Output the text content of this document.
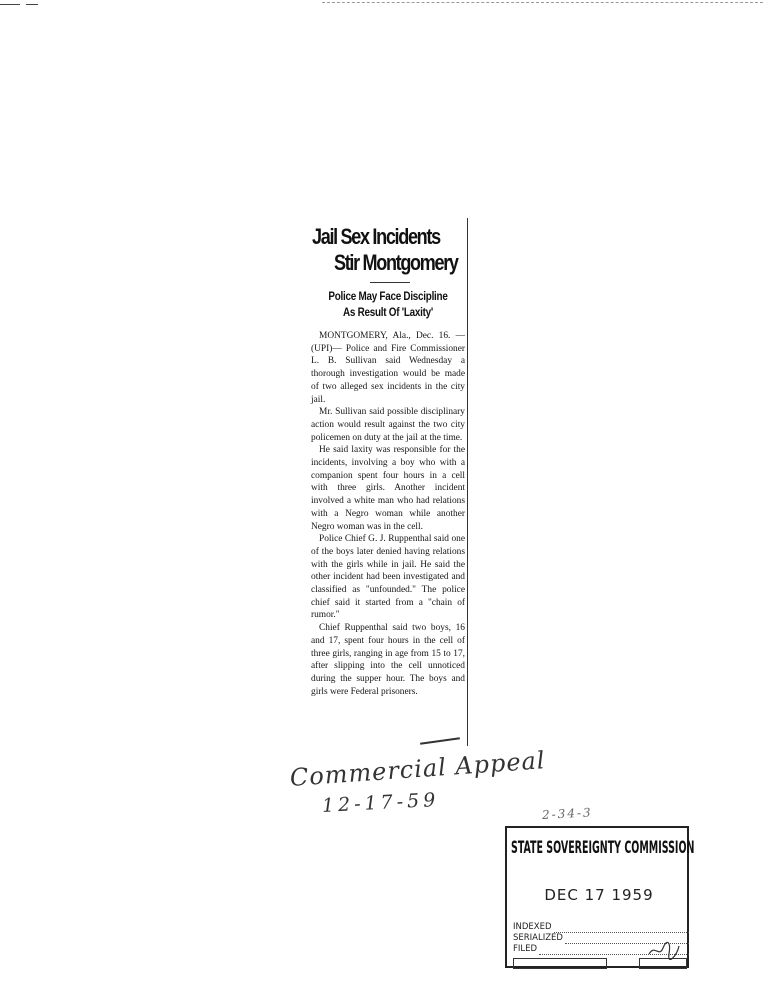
Jail Sex Incidents
Stir Montgomery
Police May Face Discipline
As Result Of 'Laxity'

MONTGOMERY, Ala., Dec. 16. —(UPI)— Police and Fire Commissioner L. B. Sullivan said Wednesday a thorough investigation would be made of two alleged sex incidents in the city jail.

Mr. Sullivan said possible disciplinary action would result against the two city policemen on duty at the jail at the time.

He said laxity was responsible for the incidents, involving a boy who with a companion spent four hours in a cell with three girls. Another incident involved a white man who had relations with a Negro woman while another Negro woman was in the cell.

Police Chief G. J. Ruppenthal said one of the boys later denied having relations with the girls while in jail. He said the other incident had been investigated and classified as "unfounded." The police chief said it started from a "chain of rumor."

Chief Ruppenthal said two boys, 16 and 17, spent four hours in the cell of three girls, ranging in age from 15 to 17, after slipping into the cell unnoticed during the supper hour. The boys and girls were Federal prisoners.

Commercial Appeal
12-17-59	2-34-3
STATE SOVEREIGNTY COMMISSION
DEC 17 1959
INDEXED
SERIALIZED
FILED
